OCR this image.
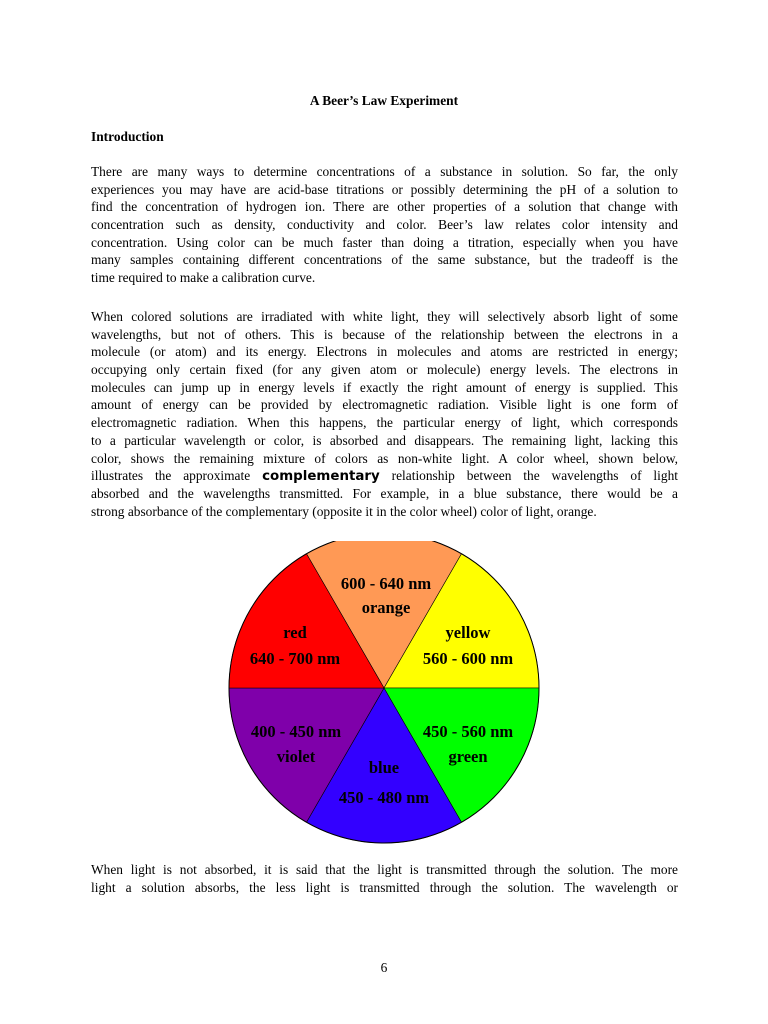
A Beer’s Law Experiment
Introduction
There are many ways to determine concentrations of a substance in solution. So far, the only
experiences you may have are acid-base titrations or possibly determining the pH of a solution to
find the concentration of hydrogen ion. There are other properties of a solution that change with
concentration such as density, conductivity and color. Beer’s law relates color intensity and
concentration. Using color can be much faster than doing a titration, especially when you have
many samples containing different concentrations of the same substance, but the tradeoff is the
time required to make a calibration curve.
When colored solutions are irradiated with white light, they will selectively absorb light of some
wavelengths, but not of others. This is because of the relationship between the electrons in a
molecule (or atom) and its energy. Electrons in molecules and atoms are restricted in energy;
occupying only certain fixed (for any given atom or molecule) energy levels. The electrons in
molecules can jump up in energy levels if exactly the right amount of energy is supplied. This
amount of energy can be provided by electromagnetic radiation. Visible light is one form of
electromagnetic radiation. When this happens, the particular energy of light, which corresponds
to a particular wavelength or color, is absorbed and disappears. The remaining light, lacking this
color, shows the remaining mixture of colors as non-white light. A color wheel, shown below,
illustrates the approximate complementary relationship between the wavelengths of light
absorbed and the wavelengths transmitted. For example, in a blue substance, there would be a
strong absorbance of the complementary (opposite it in the color wheel) color of light, orange.
600 - 640 nm
orange
yellow
560 - 600 nm
450 - 560 nm
green
blue
450 - 480 nm
400 - 450 nm
violet
red
640 - 700 nm
When light is not absorbed, it is said that the light is transmitted through the solution. The more
light a solution absorbs, the less light is transmitted through the solution. The wavelength or
6
